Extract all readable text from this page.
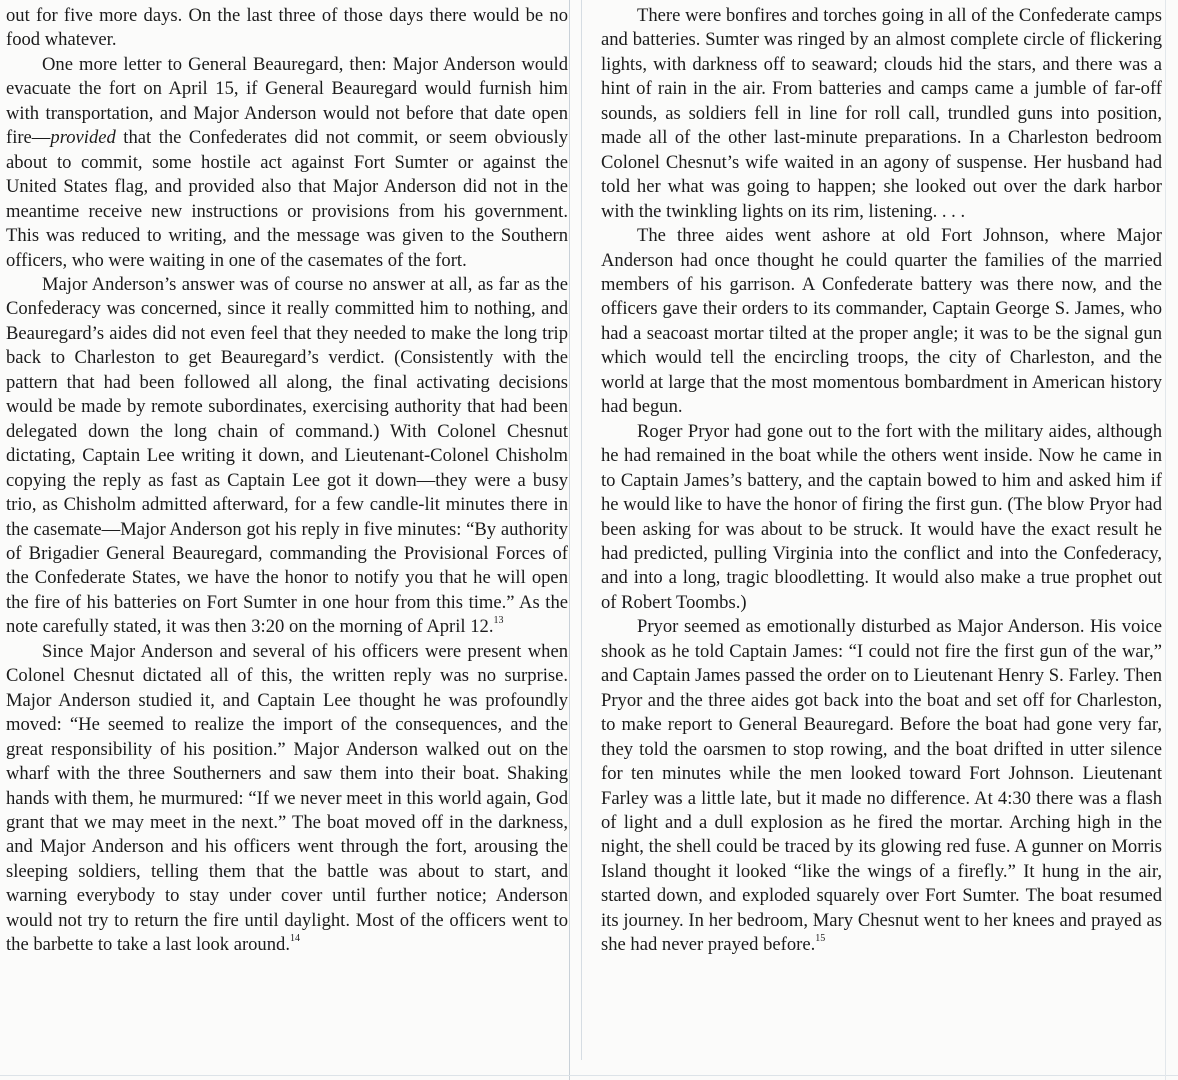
out for five more days. On the last three of those days there would be no food whatever.

One more letter to General Beauregard, then: Major Anderson would evacuate the fort on April 15, if General Beauregard would furnish him with transportation, and Major Anderson would not before that date open fire—provided that the Confederates did not commit, or seem obviously about to commit, some hostile act against Fort Sumter or against the United States flag, and provided also that Major Anderson did not in the meantime receive new instructions or provisions from his government. This was reduced to writing, and the message was given to the Southern officers, who were waiting in one of the casemates of the fort.

Major Anderson’s answer was of course no answer at all, as far as the Confederacy was concerned, since it really committed him to nothing, and Beauregard’s aides did not even feel that they needed to make the long trip back to Charleston to get Beauregard’s verdict. (Consistently with the pattern that had been followed all along, the final activating decisions would be made by remote subordinates, exercising authority that had been delegated down the long chain of command.) With Colonel Chesnut dictating, Captain Lee writing it down, and Lieutenant-Colonel Chisholm copying the reply as fast as Captain Lee got it down—they were a busy trio, as Chisholm admitted afterward, for a few candle-lit minutes there in the casemate—Major Anderson got his reply in five minutes: “By authority of Brigadier General Beauregard, commanding the Provisional Forces of the Confederate States, we have the honor to notify you that he will open the fire of his batteries on Fort Sumter in one hour from this time.” As the note carefully stated, it was then 3:20 on the morning of April 12.13

Since Major Anderson and several of his officers were present when Colonel Chesnut dictated all of this, the written reply was no surprise. Major Anderson studied it, and Captain Lee thought he was profoundly moved: “He seemed to realize the import of the consequences, and the great responsibility of his position.” Major Anderson walked out on the wharf with the three Southerners and saw them into their boat. Shaking hands with them, he murmured: “If we never meet in this world again, God grant that we may meet in the next.” The boat moved off in the darkness, and Major Anderson and his officers went through the fort, arousing the sleeping soldiers, telling them that the battle was about to start, and warning everybody to stay under cover until further notice; Anderson would not try to return the fire until daylight. Most of the officers went to the barbette to take a last look around.$^{14}$

There were bonfires and torches going in all of the Confederate camps and batteries. Sumter was ringed by an almost complete circle of flickering lights, with darkness off to seaward; clouds hid the stars, and there was a hint of rain in the air. From batteries and camps came a jumble of far-off sounds, as soldiers fell in line for roll call, trundled guns into position, made all of the other last-minute preparations. In a Charleston bedroom Colonel Chesnut’s wife waited in an agony of suspense. Her husband had told her what was going to happen; she looked out over the dark harbor with the twinkling lights on its rim, listening. . . .

The three aides went ashore at old Fort Johnson, where Major Anderson had once thought he could quarter the families of the married members of his garrison. A Confederate battery was there now, and the officers gave their orders to its commander, Captain George S. James, who had a seacoast mortar tilted at the proper angle; it was to be the signal gun which would tell the encircling troops, the city of Charleston, and the world at large that the most momentous bombardment in American history had begun.

Roger Pryor had gone out to the fort with the military aides, although he had remained in the boat while the others went inside. Now he came in to Captain James’s battery, and the captain bowed to him and asked him if he would like to have the honor of firing the first gun. (The blow Pryor had been asking for was about to be struck. It would have the exact result he had predicted, pulling Virginia into the conflict and into the Confederacy, and into a long, tragic bloodletting. It would also make a true prophet out of Robert Toombs.)

Pryor seemed as emotionally disturbed as Major Anderson. His voice shook as he told Captain James: “I could not fire the first gun of the war,” and Captain James passed the order on to Lieutenant Henry S. Farley. Then Pryor and the three aides got back into the boat and set off for Charleston, to make report to General Beauregard. Before the boat had gone very far, they told the oarsmen to stop rowing, and the boat drifted in utter silence for ten minutes while the men looked toward Fort Johnson. Lieutenant Farley was a little late, but it made no difference. At 4:30 there was a flash of light and a dull explosion as he fired the mortar. Arching high in the night, the shell could be traced by its glowing red fuse. A gunner on Morris Island thought it looked “like the wings of a firefly.” It hung in the air, started down, and exploded squarely over Fort Sumter. The boat resumed its journey. In her bedroom, Mary Chesnut went to her knees and prayed as she had never prayed before.$^{15}$
